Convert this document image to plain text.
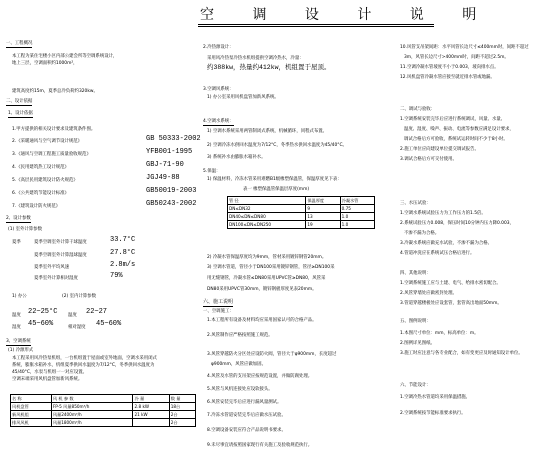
空 调 设 计 说 明
一、工程概况
本工程为某住宅楼小区内部公建会所等空调系统设计，
地上三层，空调面积约1000m²，
建筑高度约15m，夏季总冷负荷约320kw。
二、设计依据
1、设计依据
1.甲方提供的相关设计要求及建筑条件图。
2.《采暖通风与空气调节设计规范》	GB 50333-2002
3.《通风与空调工程施工质量验收规范》	YFB001-1995
4.《民用建筑热工设计规范》	GBJ-71-90
5.《高层民用建筑设计防火规范》	JGJ49-88
6.《公共建筑节能设计标准》	GB50019-2003
7.《建筑设计防火规范》	GB50243-2002
2、设计参数
(1) 室外计算参数
夏季	夏季空调室外计算干球温度	33.7°C
夏季空调室外计算湿球温度	27.8°C
夏季室外平均风速	2.8m/s
夏季室外计算相对湿度	79%
1) 办公	(2) 室内计算参数
温度 22~25°C 温度 22~27
湿度 45~60%	相对湿度 45~60%
3、空调系统
(1) 冷源形式
本工程采用风冷热泵机组，一台机组置于屋面或室外地面，空调水采用闭式
系统，膨胀水箱补水，机组夏季供回水温度为7/12°C，冬季供回水温度为
45/40°C，水泵与机组一一对应设置。
空调末端采用风机盘管加新风系统。
名 称	风 机 参 数	冷 量	数 量
风机盘管	FP-5 风量850m³/h	2.8 kW	18台
新风机组	风量2400m³/h	21 kW	2台
排风风机	风量1800m³/h		2台
2.冷热源设计：
采用风冷热泵冷热水机组提供空调冷热水，冷量：
约388kw，热量约412kw，机组置于屋顶。
3.空调风系统：
1) 办公室采用风机盘管加新风系统。
4.空调水系统：
1) 空调水系统采用两管制闭式系统，机械循环，同程式布置。
2) 空调冷冻水供回水温度为7/12°C，冬季热水供回水温度为45/40°C。
3) 系统补水由膨胀水箱补水。
5.保温：
1) 保温材料，冷冻水管采用难燃B1级橡塑保温管，保温厚度见下表：
表一 橡塑保温管保温层厚度(mm)
管 径	保温厚度	冷凝水管
DN≤DN32	9	0.75
DN40≤DN≤DN80	13	1.0
DN100≤DN≤DN250	19	1.0
2) 冷凝水管保温厚度均为9mm，管材采用镀锌钢管20mm。
3) 空调水管道，管径小于DN100采用镀锌钢管，管径≥DN100采
用无缝钢管，冷凝水管≤DN80采用UPVC管≥DN80，风管采
DN80采用UPVC管30mm，镀锌钢板厚度见表20mm。
六、施工说明
一、空调施工：
1.本工程所有设备及材料均应采用国家认可的合格产品。
2.风管制作应严格按照施工规范。
3.风管穿越防火分区处应设防火阀，管径大于φ900mm，长度超过
φ900mm，风管应做加固。
4.风管及水管的支吊架应按规范设置，并做防腐处理。
5.风管与风机连接处应设软接头。
6.风管安装完毕后应进行漏风量测试。
7.冷冻水管道安装完毕后应做水压试验。
8.空调设备安装应符合产品说明书要求。
9.未尽事宜请按照国家现行有关施工及验收规范执行。
10.风管支吊架间距：水平风管长边尺寸≤400mm时，间距不超过
3m，风管长边尺寸>400mm时，间距不超过2.5m。
11.空调冷凝水管坡度不小于0.003，坡向排水点。
12.风机盘管冷凝水管应接至就近排水管或地漏。
二、调试与验收：
1.空调系统安装完毕后应进行系统调试，风量、水量、
温度、湿度、噪声、振动、电流等参数应满足设计要求，
调试合格后方可验收，系统试运转时间不少于8小时。
2.施工单位应向建设单位提交调试报告。
3.调试合格后方可交付使用。
三、水压试验：
1.空调水系统试验压力为工作压力的1.5倍。
2.系统试验压力0.008，保压时间10分钟内压力降0.003，
不渗不漏为合格。
3.冷凝水系统应做充水试验，不渗不漏为合格。
4.管道冲洗应在系统试压合格后进行。
四、其他说明：
1.空调系统施工应与土建、电气、给排水密切配合。
2.风管穿墙处应做密封处理。
3.管道穿越楼板处应设套管，套管高出地面50mm。
五、图例说明：
1.本图尺寸单位：mm，标高单位：m。
2.图例详见图纸。
3.施工时应注意与各专业配合，如有变更应及时通知设计单位。
六、节能设计：
1.空调冷热水管道均采用保温措施。
2.空调系统按节能标准要求执行。
